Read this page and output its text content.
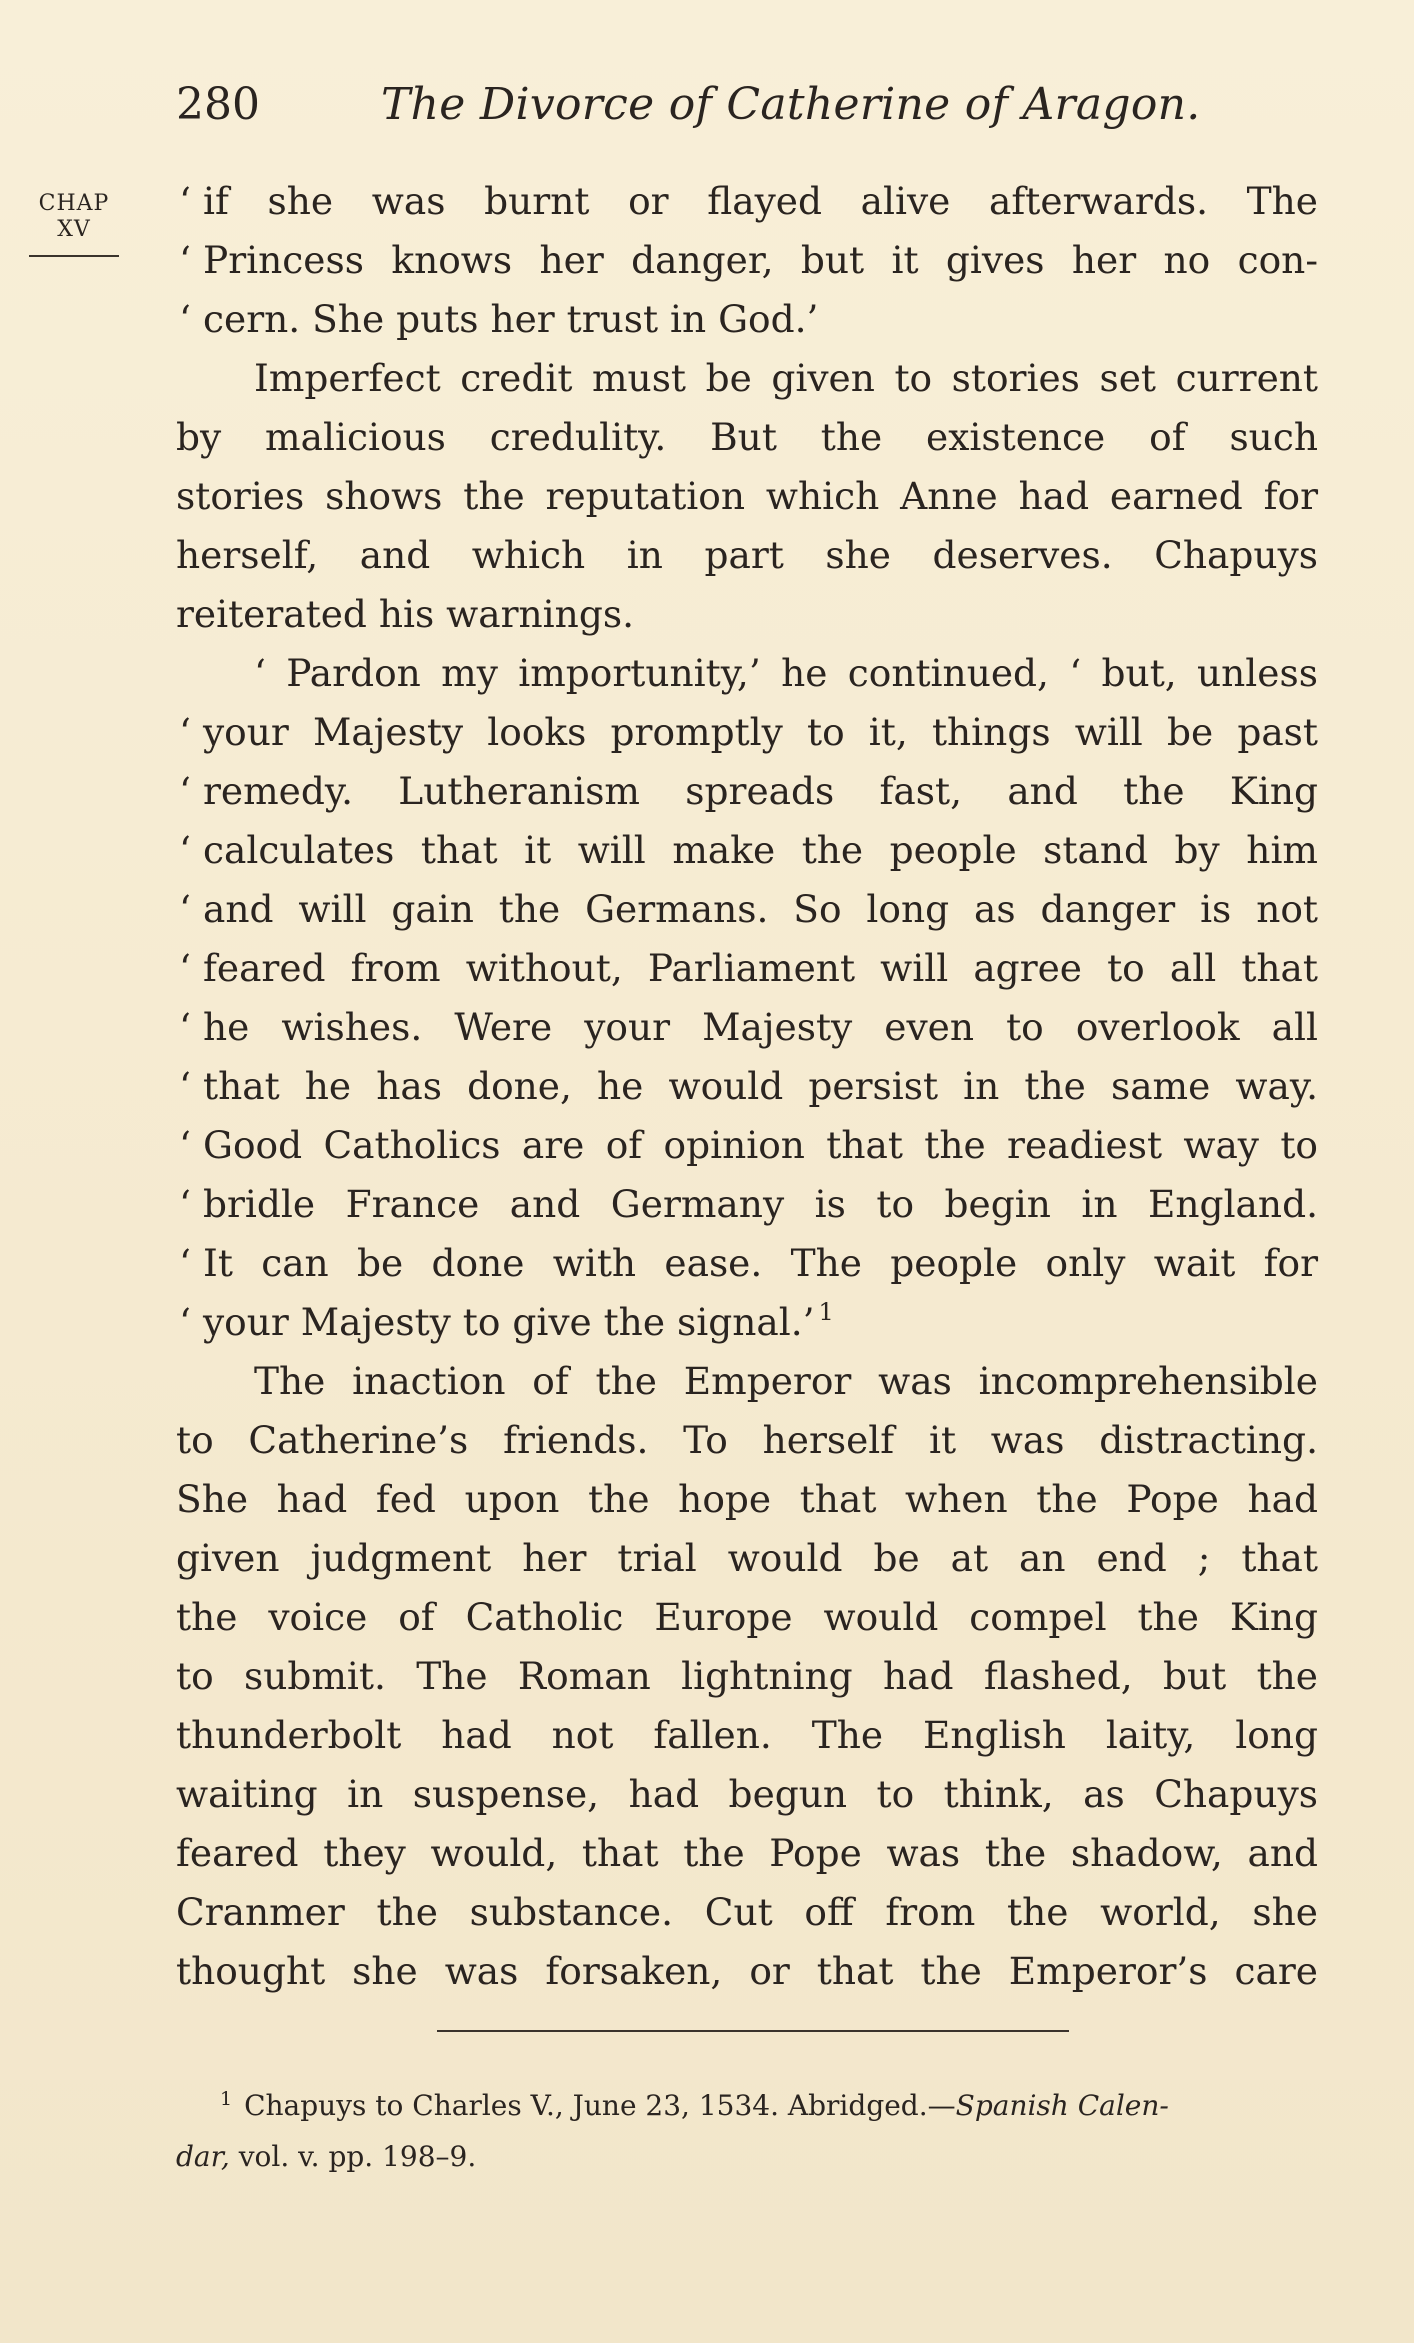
280	The Divorce of Catherine of Aragon.
CHAP
XV
‘ if she was burnt or flayed alive afterwards. The
‘ Princess knows her danger, but it gives her no con-
‘ cern. She puts her trust in God.’
Imperfect credit must be given to stories set current
by malicious credulity. But the existence of such
stories shows the reputation which Anne had earned for
herself, and which in part she deserves. Chapuys
reiterated his warnings.
‘ Pardon my importunity,’ he continued, ‘ but, unless
‘ your Majesty looks promptly to it, things will be past
‘ remedy. Lutheranism spreads fast, and the King
‘ calculates that it will make the people stand by him
‘ and will gain the Germans. So long as danger is not
‘ feared from without, Parliament will agree to all that
‘ he wishes. Were your Majesty even to overlook all
‘ that he has done, he would persist in the same way.
‘ Good Catholics are of opinion that the readiest way to
‘ bridle France and Germany is to begin in England.
‘ It can be done with ease. The people only wait for
‘ your Majesty to give the signal.’ $^1$
The inaction of the Emperor was incomprehensible
to Catherine’s friends. To herself it was distracting.
She had fed upon the hope that when the Pope had
given judgment her trial would be at an end ; that
the voice of Catholic Europe would compel the King
to submit. The Roman lightning had flashed, but the
thunderbolt had not fallen. The English laity, long
waiting in suspense, had begun to think, as Chapuys
feared they would, that the Pope was the shadow, and
Cranmer the substance. Cut off from the world, she
thought she was forsaken, or that the Emperor’s care
$^1$ Chapuys to Charles V., June 23, 1534. Abridged.—Spanish Calen-
dar, vol. v. pp. 198–9.
